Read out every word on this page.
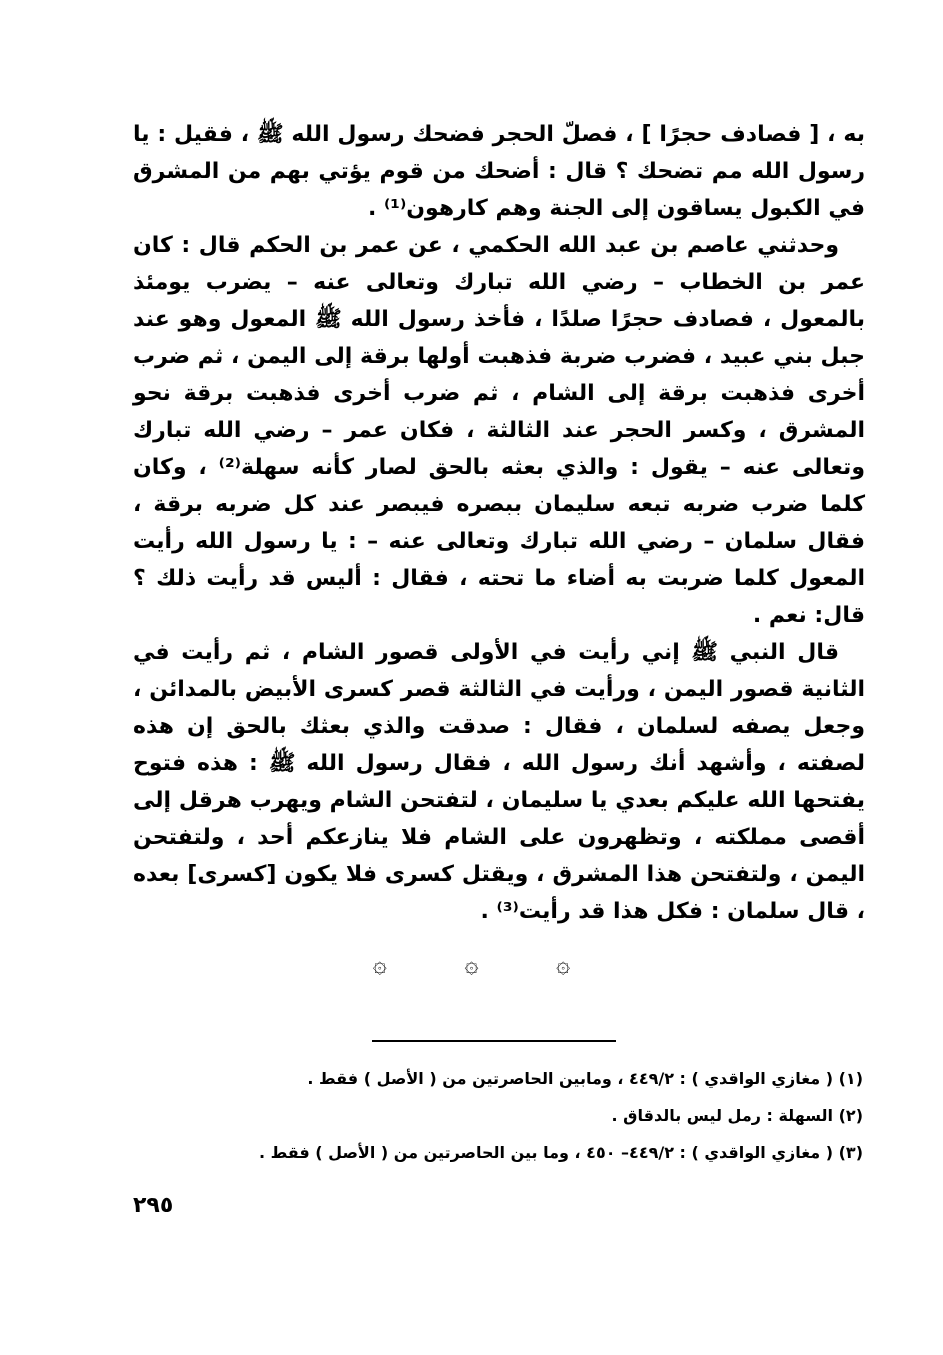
به ، [ فصادف حجرًا ] ، فصلّ الحجر فضحك رسول الله ﷺ ، فقيل : يا رسول الله مم تضحك ؟ قال : أضحك من قوم يؤتي بهم من المشرق في الكبول يساقون إلى الجنة وهم كارهون⁽¹⁾ .

وحدثني عاصم بن عبد الله الحكمي ، عن عمر بن الحكم قال : كان عمر بن الخطاب – رضي الله تبارك وتعالى عنه – يضرب يومئذ بالمعول ، فصادف حجرًا صلدًا ، فأخذ رسول الله ﷺ المعول وهو عند جبل بني عبيد ، فضرب ضربة فذهبت أولها برقة إلى اليمن ، ثم ضرب أخرى فذهبت برقة إلى الشام ، ثم ضرب أخرى فذهبت برقة نحو المشرق ، وكسر الحجر عند الثالثة ، فكان عمر – رضي الله تبارك وتعالى عنه – يقول : والذي بعثه بالحق لصار كأنه سهلة⁽²⁾ ، وكان كلما ضرب ضربه تبعه سليمان ببصره فيبصر عند كل ضربه برقة ، فقال سلمان – رضي الله تبارك وتعالى عنه – : يا رسول الله رأيت المعول كلما ضربت به أضاء ما تحته ، فقال : أليس قد رأيت ذلك ؟ قال: نعم .

قال النبي ﷺ إني رأيت في الأولى قصور الشام ، ثم رأيت في الثانية قصور اليمن ، ورأيت في الثالثة قصر كسرى الأبيض بالمدائن ، وجعل يصفه لسلمان ، فقال : صدقت والذي بعثك بالحق إن هذه لصفته ، وأشهد أنك رسول الله ، فقال رسول الله ﷺ : هذه فتوح يفتحها الله عليكم بعدي يا سليمان ، لتفتحن الشام ويهرب هرقل إلى أقصى مملكته ، وتظهرون على الشام فلا ينازعكم أحد ، ولتفتحن اليمن ، ولتفتحن هذا المشرق ، ويقتل كسرى فلا يكون [كسرى] بعده ، قال سلمان : فكل هذا قد رأيت⁽³⁾ .

۞	۞	۞

(١) ( مغازي الواقدي ) : ٤٤٩/٢ ، ومابين الحاصرتين من ( الأصل ) فقط .

(٢) السهلة : رمل ليس بالدقاق .

(٣) ( مغازي الواقدي ) : ٤٤٩/٢– ٤٥٠ ، وما بين الحاصرتين من ( الأصل ) فقط .

٢٩٥
